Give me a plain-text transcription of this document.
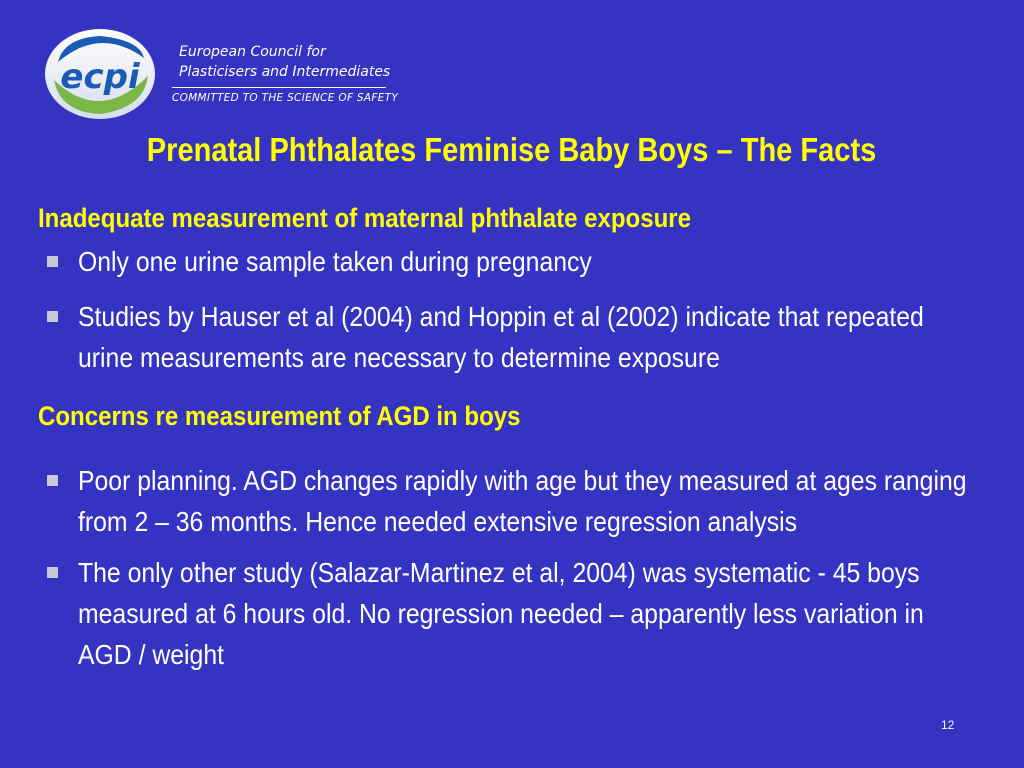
ecpi
European Council for
Plasticisers and Intermediates
COMMITTED TO THE SCIENCE OF SAFETY
Prenatal Phthalates Feminise Baby Boys – The Facts
Inadequate measurement of maternal phthalate exposure
Only one urine sample taken during pregnancy
Studies by Hauser et al (2004) and Hoppin et al (2002) indicate that repeated urine measurements are necessary to determine exposure
Concerns re measurement of AGD in boys
Poor planning. AGD changes rapidly with age but they measured at ages ranging from 2 – 36 months. Hence needed extensive regression analysis
The only other study (Salazar-Martinez et al, 2004) was systematic - 45 boys measured at 6 hours old. No regression needed – apparently less variation in AGD / weight
12
